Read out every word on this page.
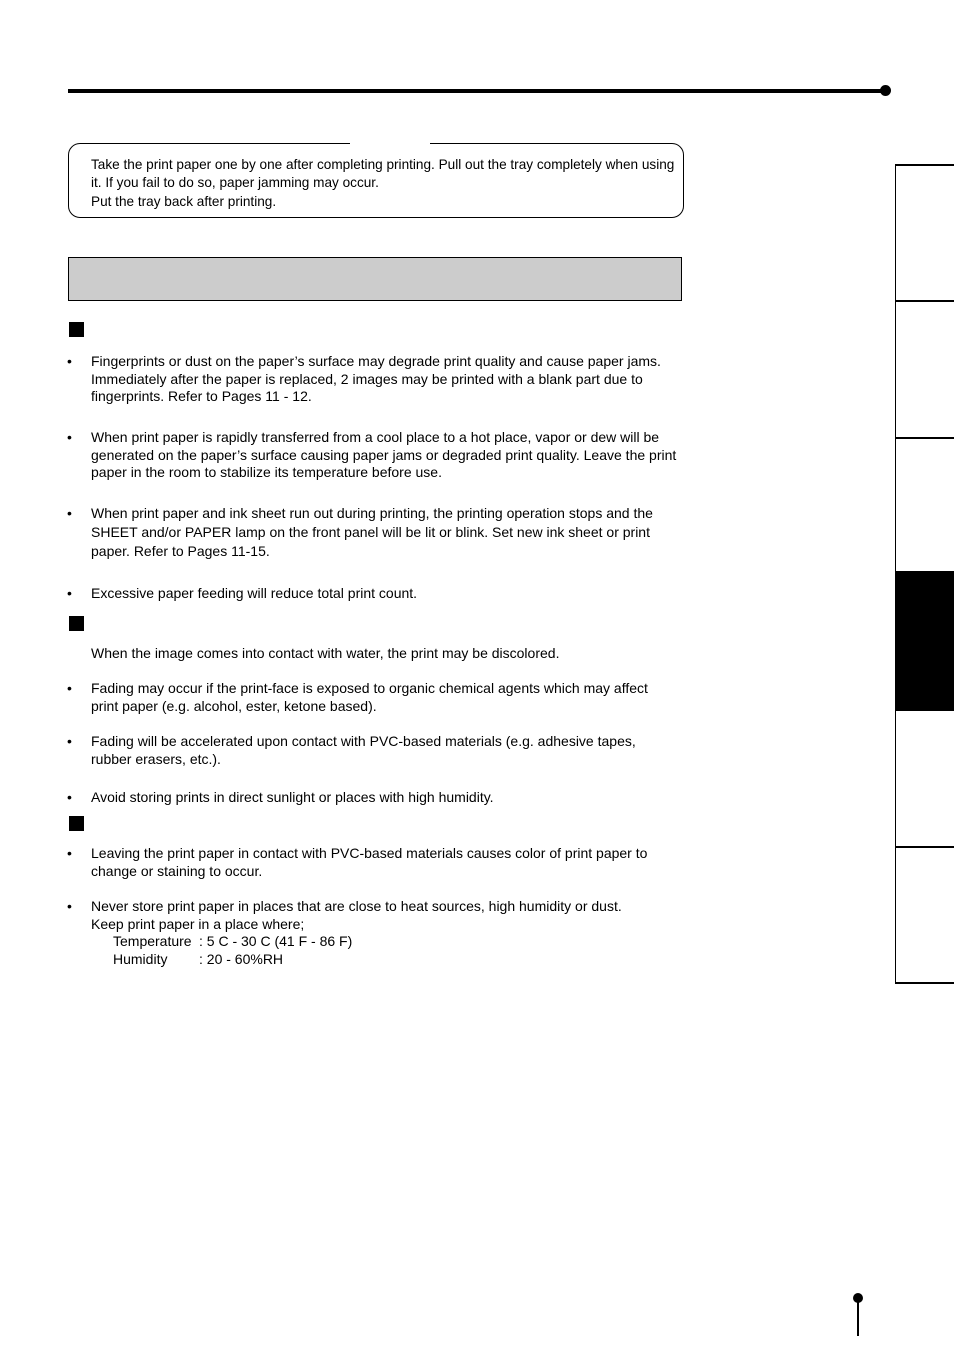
Take the print paper one by one after completing printing. Pull out the tray completely when using it. If you fail to do so, paper jamming may occur.

Put the tray back after printing.

• Fingerprints or dust on the paper’s surface may degrade print quality and cause paper jams. Immediately after the paper is replaced, 2 images may be printed with a blank part due to fingerprints. Refer to Pages 11 - 12.
• When print paper is rapidly transferred from a cool place to a hot place, vapor or dew will be generated on the paper’s surface causing paper jams or degraded print quality. Leave the print paper in the room to stabilize its temperature before use.
• When print paper and ink sheet run out during printing, the printing operation stops and the SHEET and/or PAPER lamp on the front panel will be lit or blink. Set new ink sheet or print paper. Refer to Pages 11-15.
• Excessive paper feeding will reduce total print count.
When the image comes into contact with water, the print may be discolored.
• Fading may occur if the print-face is exposed to organic chemical agents which may affect print paper (e.g. alcohol, ester, ketone based).
• Fading will be accelerated upon contact with PVC-based materials (e.g. adhesive tapes, rubber erasers, etc.).
• Avoid storing prints in direct sunlight or places with high humidity.
• Leaving the print paper in contact with PVC-based materials causes color of print paper to change or staining to occur.
• Never store print paper in places that are close to heat sources, high humidity or dust.
Keep print paper in a place where;
Temperature : 5 C - 30 C (41 F - 86 F)
Humidity : 20 - 60%RH
